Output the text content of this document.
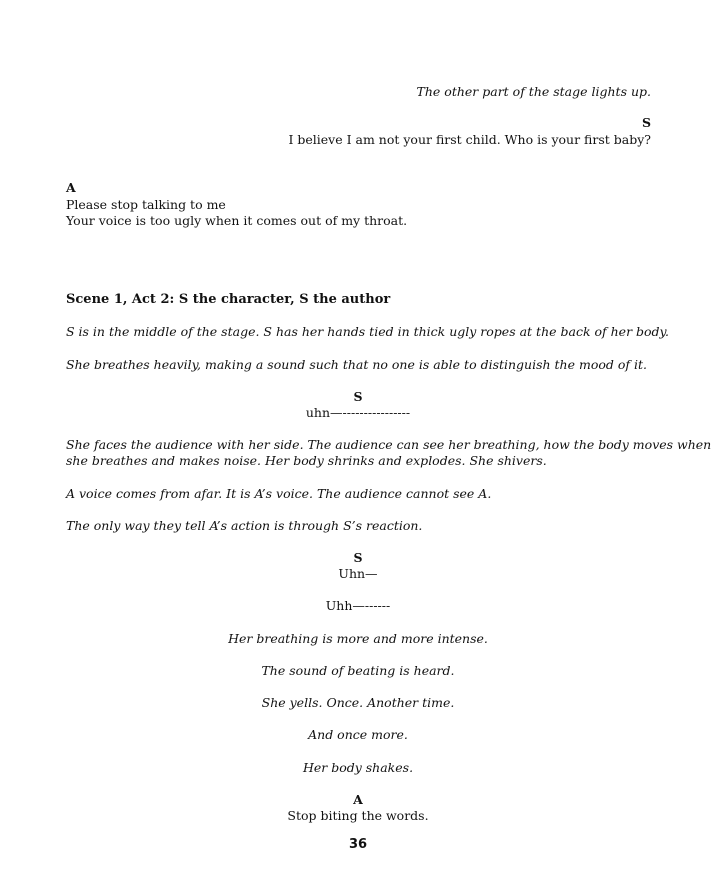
The other part of the stage lights up.

S

I believe I am not your first child. Who is your first baby?

A

Please stop talking to me

Your voice is too ugly when it comes out of my throat.

Scene 1, Act 2: S the character, S the author

S is in the middle of the stage. S has her hands tied in thick ugly ropes at the back of her body.

She breathes heavily, making a sound such that no one is able to distinguish the mood of it.

S

uhn—----------------

She faces the audience with her side. The audience can see her breathing, how the body moves when

she breathes and makes noise. Her body shrinks and explodes. She shivers.

A voice comes from afar. It is A’s voice. The audience cannot see A.

The only way they tell A’s action is through S’s reaction.

S

Uhn—

Uhh—------

Her breathing is more and more intense.

The sound of beating is heard.

She yells. Once. Another time.

And once more.

Her body shakes.

A

Stop biting the words.

36
